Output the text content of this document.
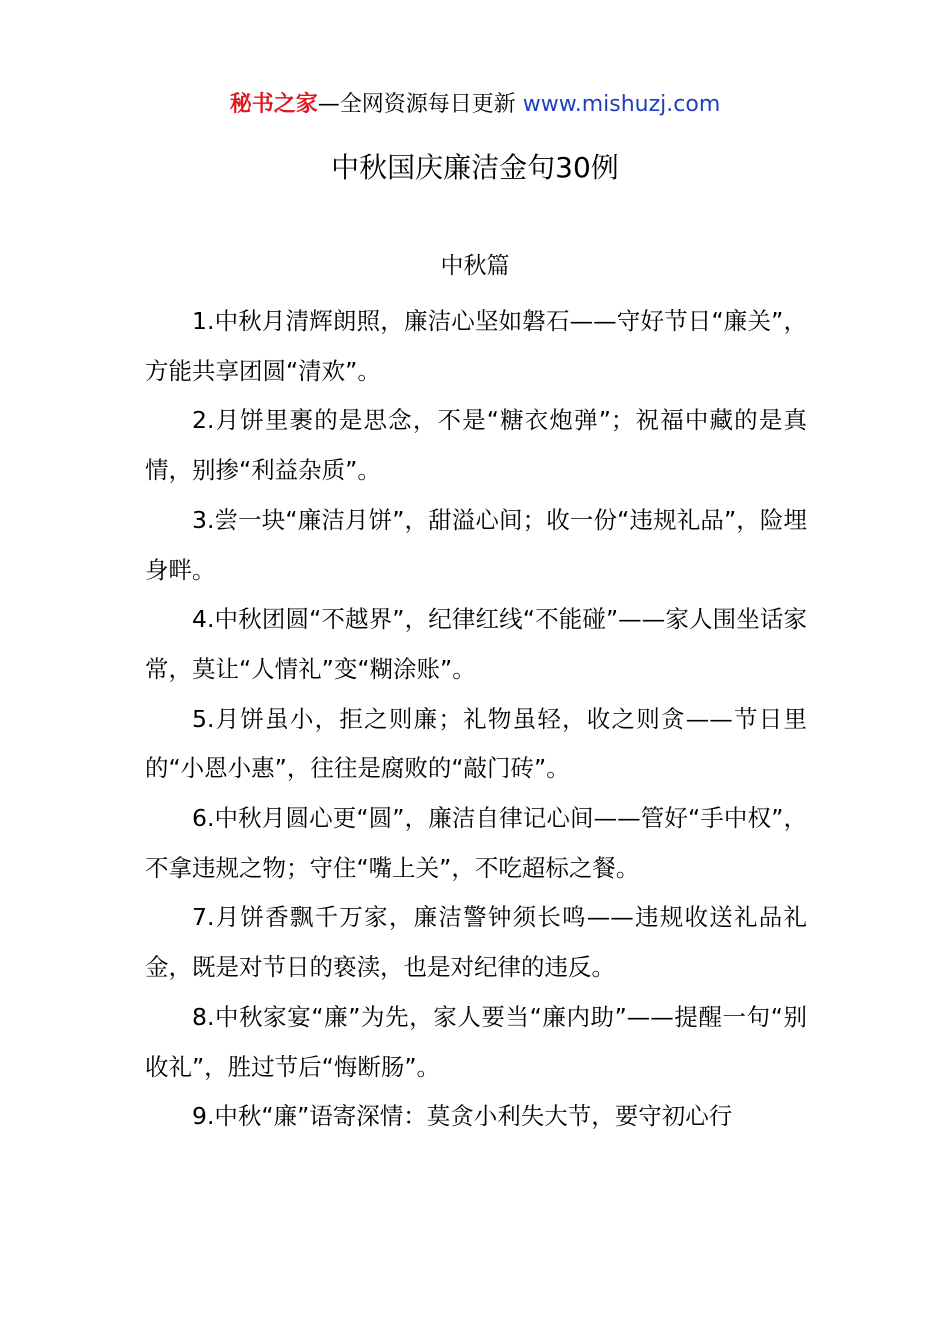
秘书之家—全网资源每日更新 www.mishuzj.com
中秋国庆廉洁金句30例
中秋篇

1.中秋月清辉朗照，廉洁心坚如磐石——守好节日“廉关”，方能共享团圆“清欢”。

2.月饼里裹的是思念，不是“糖衣炮弹”；祝福中藏的是真情，别掺“利益杂质”。

3.尝一块“廉洁月饼”，甜溢心间；收一份“违规礼品”，险埋身畔。

4.中秋团圆“不越界”，纪律红线“不能碰”——家人围坐话家常，莫让“人情礼”变“糊涂账”。

5.月饼虽小，拒之则廉；礼物虽轻，收之则贪——节日里的“小恩小惠”，往往是腐败的“敲门砖”。

6.中秋月圆心更“圆”，廉洁自律记心间——管好“手中权”，不拿违规之物；守住“嘴上关”，不吃超标之餐。

7.月饼香飘千万家，廉洁警钟须长鸣——违规收送礼品礼金，既是对节日的亵渎，也是对纪律的违反。

8.中秋家宴“廉”为先，家人要当“廉内助”——提醒一句“别收礼”，胜过节后“悔断肠”。

9.中秋“廉”语寄深情：莫贪小利失大节，要守初心行
